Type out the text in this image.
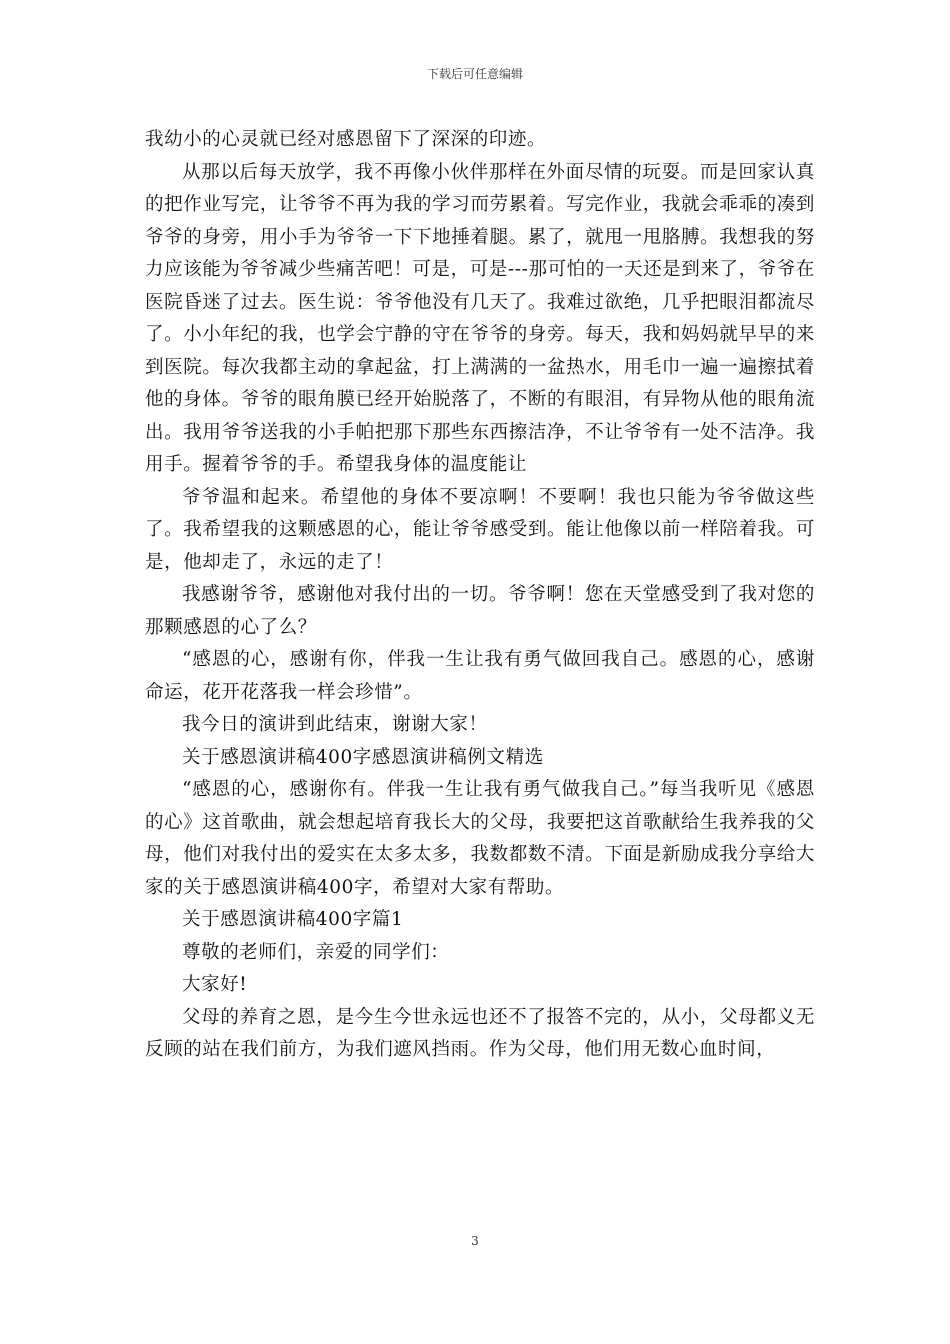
下载后可任意编辑

我幼小的心灵就已经对感恩留下了深深的印迹。

从那以后每天放学，我不再像小伙伴那样在外面尽情的玩耍。而是回家认真的把作业写完，让爷爷不再为我的学习而劳累着。写完作业，我就会乖乖的凑到爷爷的身旁，用小手为爷爷一下下地捶着腿。累了，就甩一甩胳膊。我想我的努力应该能为爷爷减少些痛苦吧！可是，可是---那可怕的一天还是到来了，爷爷在医院昏迷了过去。医生说：爷爷他没有几天了。我难过欲绝，几乎把眼泪都流尽了。小小年纪的我，也学会宁静的守在爷爷的身旁。每天，我和妈妈就早早的来到医院。每次我都主动的拿起盆，打上满满的一盆热水，用毛巾一遍一遍擦拭着他的身体。爷爷的眼角膜已经开始脱落了，不断的有眼泪，有异物从他的眼角流出。我用爷爷送我的小手帕把那下那些东西擦洁净，不让爷爷有一处不洁净。我用手。握着爷爷的手。希望我身体的温度能让

爷爷温和起来。希望他的身体不要凉啊！不要啊！我也只能为爷爷做这些了。我希望我的这颗感恩的心，能让爷爷感受到。能让他像以前一样陪着我。可是，他却走了，永远的走了！

我感谢爷爷，感谢他对我付出的一切。爷爷啊！您在天堂感受到了我对您的那颗感恩的心了么？

“感恩的心，感谢有你，伴我一生让我有勇气做回我自己。感恩的心，感谢命运，花开花落我一样会珍惜”。

我今日的演讲到此结束，谢谢大家！

关于感恩演讲稿400字感恩演讲稿例文精选

“感恩的心，感谢你有。伴我一生让我有勇气做我自己。”每当我听见《感恩的心》这首歌曲，就会想起培育我长大的父母，我要把这首歌献给生我养我的父母，他们对我付出的爱实在太多太多，我数都数不清。下面是新励成我分享给大家的关于感恩演讲稿400字，希望对大家有帮助。

关于感恩演讲稿400字篇1

尊敬的老师们，亲爱的同学们：

大家好!

父母的养育之恩，是今生今世永远也还不了报答不完的，从小，父母都义无反顾的站在我们前方，为我们遮风挡雨。作为父母，他们用无数心血时间，

3
